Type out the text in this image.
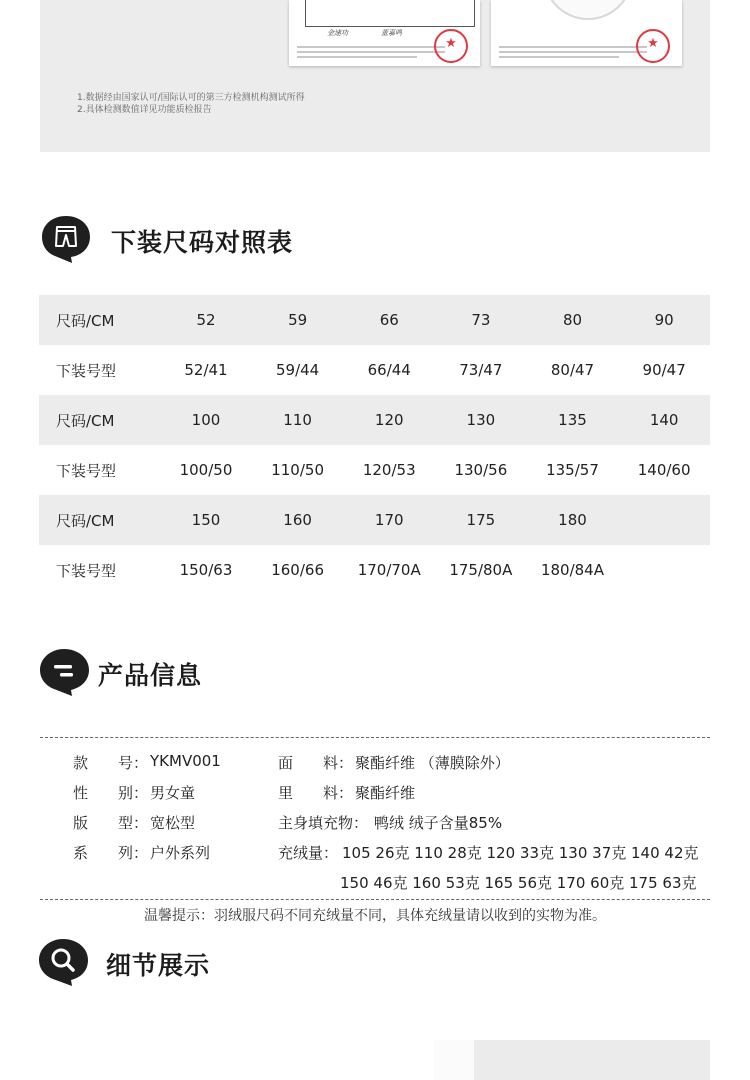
金速功	董嘉鸣
★	★
1.数据经由国家认可/国际认可的第三方检测机构测试所得
2.具体检测数值详见功能质检报告
下装尺码对照表
尺码/CM	52	59	66	73	80	90
下装号型	52/41	59/44	66/44	73/47	80/47	90/47
尺码/CM	100	110	120	130	135	140
下装号型	100/50	110/50	120/53	130/56	135/57	140/60
尺码/CM	150	160	170	175	180	
下装号型	150/63	160/66	170/70A	175/80A	180/84A	
产品信息
款 号： YKMV001	面　　料： 聚酯纤维 （薄膜除外）
性 别： 男女童	里　　料： 聚酯纤维
版 型： 宽松型	主身填充物： 鸭绒 绒子含量85%
系 列： 户外系列	充绒量： 105 26克 110 28克 120 33克 130 37克 140 42克
150 46克 160 53克 165 56克 170 60克 175 63克
温馨提示：羽绒服尺码不同充绒量不同，具体充绒量请以收到的实物为准。
细节展示
